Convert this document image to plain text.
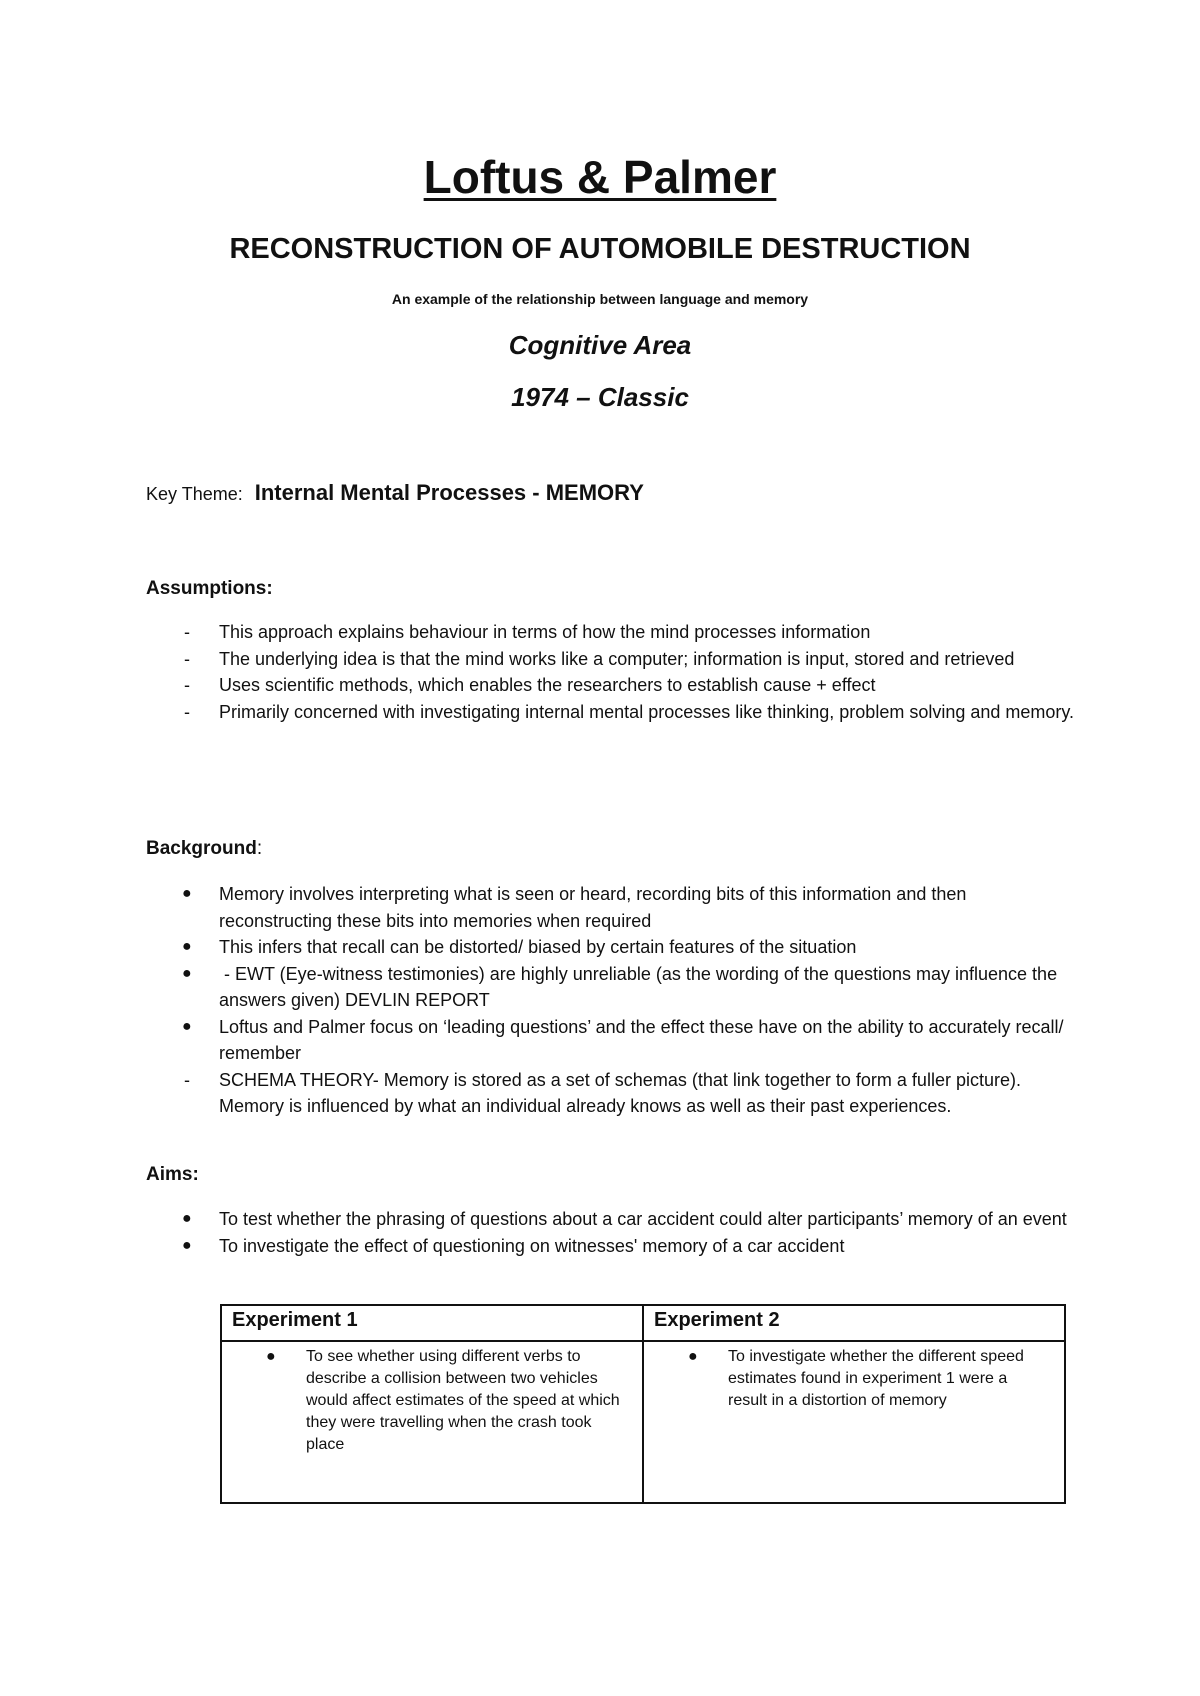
Loftus & Palmer
RECONSTRUCTION OF AUTOMOBILE DESTRUCTION
An example of the relationship between language and memory
Cognitive Area
1974 – Classic
Key Theme: Internal Mental Processes - MEMORY
Assumptions:
-	This approach explains behaviour in terms of how the mind processes information
-	The underlying idea is that the mind works like a computer; information is input, stored and retrieved
-	Uses scientific methods, which enables the researchers to establish cause + effect
-	Primarily concerned with investigating internal mental processes like thinking, problem solving and memory.
Background:
●	Memory involves interpreting what is seen or heard, recording bits of this information and then reconstructing these bits into memories when required
●	This infers that recall can be distorted/ biased by certain features of the situation
●	- EWT (Eye-witness testimonies) are highly unreliable (as the wording of the questions may influence the answers given) DEVLIN REPORT
●	Loftus and Palmer focus on ‘leading questions’ and the effect these have on the ability to accurately recall/ remember
-	SCHEMA THEORY- Memory is stored as a set of schemas (that link together to form a fuller picture). Memory is influenced by what an individual already knows as well as their past experiences.
Aims:
●	To test whether the phrasing of questions about a car accident could alter participants’ memory of an event
●	To investigate the effect of questioning on witnesses' memory of a car accident
Experiment 1	Experiment 2

● To see whether using different verbs to describe a collision between two vehicles would affect estimates of the speed at which they were travelling when the crash took place	● To investigate whether the different speed estimates found in experiment 1 were a result in a distortion of memory
